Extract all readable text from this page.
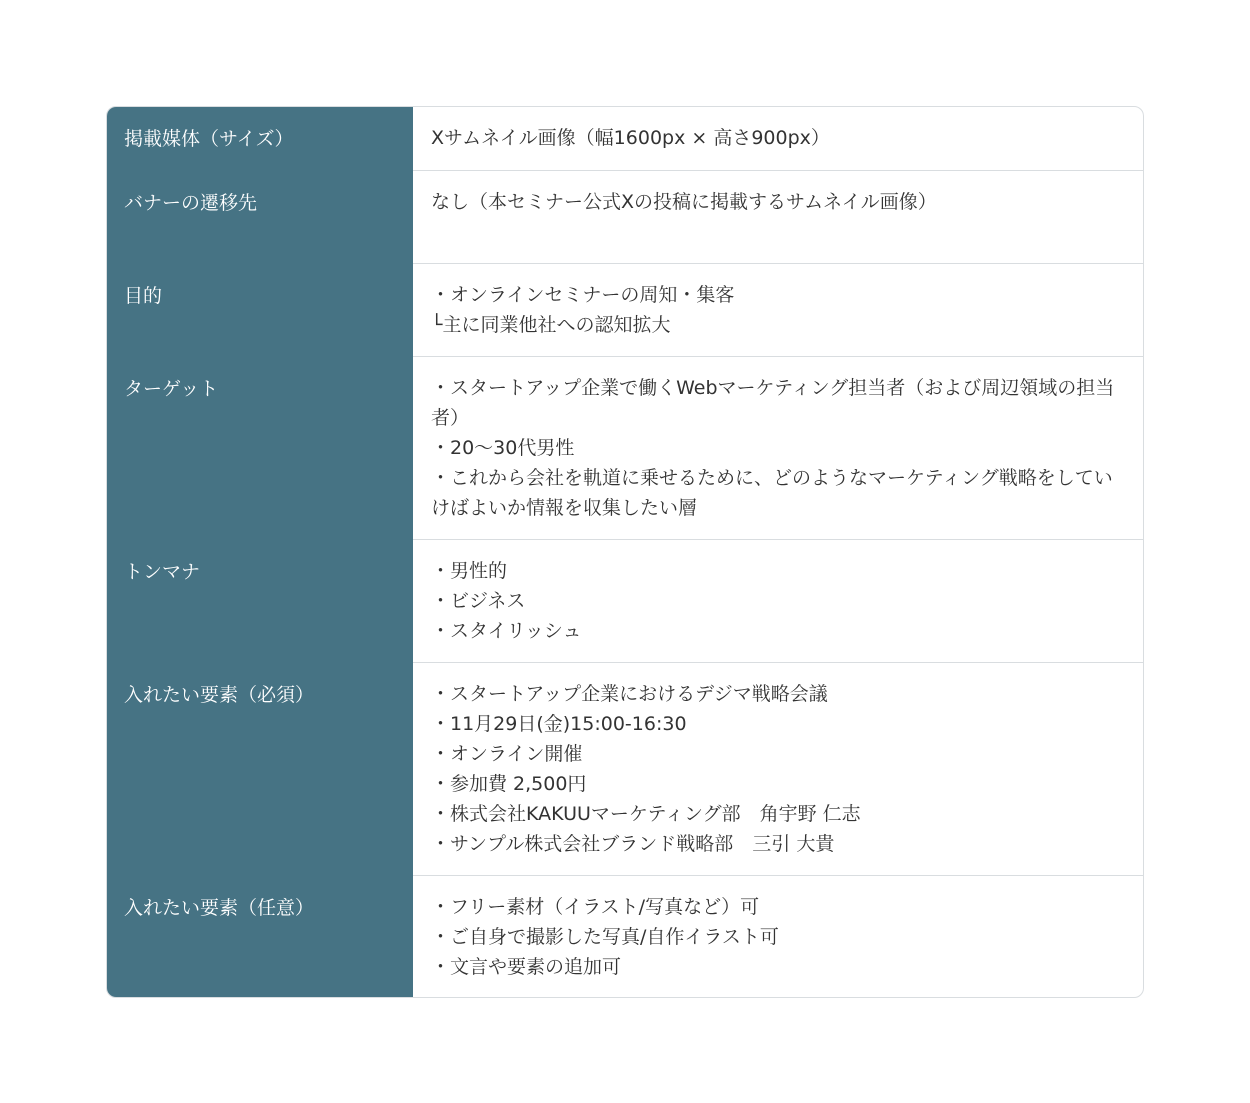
掲載媒体（サイズ）	Xサムネイル画像（幅1600px × 高さ900px）
バナーの遷移先	なし（本セミナー公式Xの投稿に掲載するサムネイル画像）
目的	・オンラインセミナーの周知・集客
└主に同業他社への認知拡大
ターゲット	・スタートアップ企業で働くWebマーケティング担当者（および周辺領域の担当者）
・20〜30代男性
・これから会社を軌道に乗せるために、どのようなマーケティング戦略をしていけばよいか情報を収集したい層
トンマナ	・男性的
・ビジネス
・スタイリッシュ
入れたい要素（必須）	・スタートアップ企業におけるデジマ戦略会議
・11月29日(金)15:00-16:30
・オンライン開催
・参加費 2,500円
・株式会社KAKUUマーケティング部　角宇野 仁志
・サンプル株式会社ブランド戦略部　三引 大貴
入れたい要素（任意）	・フリー素材（イラスト/写真など）可
・ご自身で撮影した写真/自作イラスト可
・文言や要素の追加可
